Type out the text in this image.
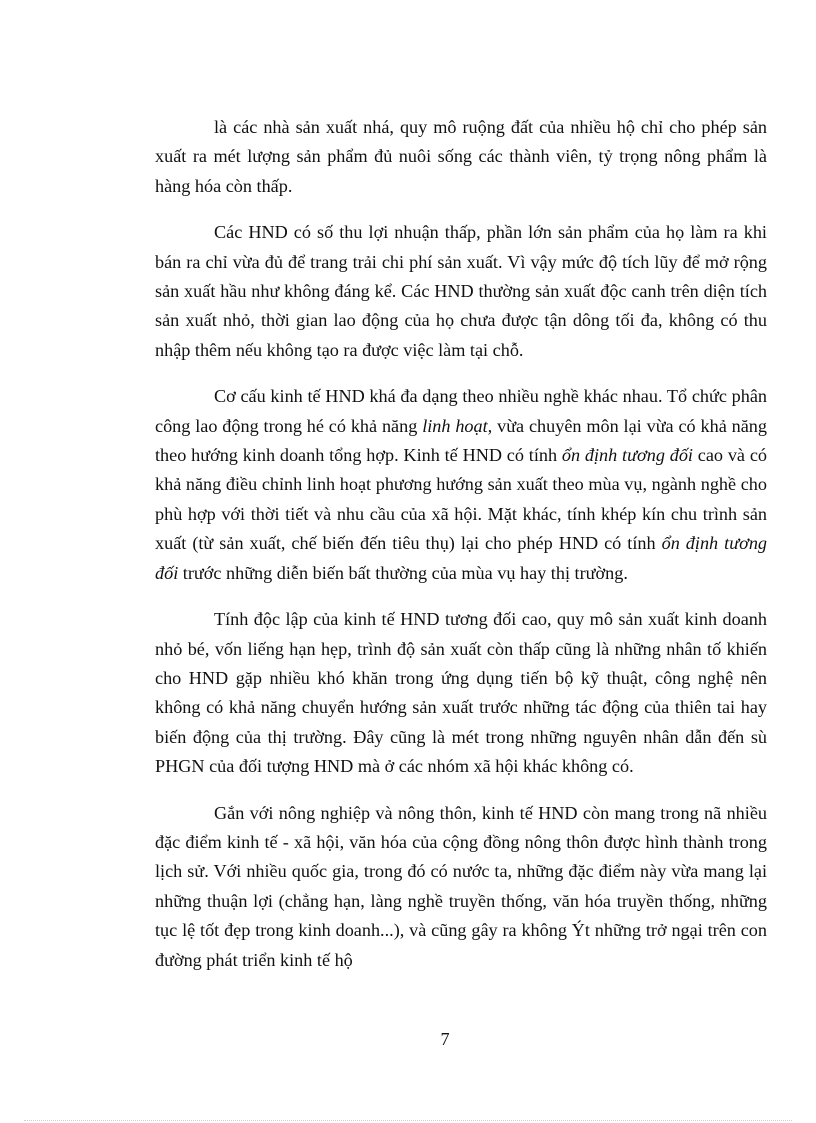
là các nhà sản xuất nhá, quy mô ruộng đất của nhiều hộ chỉ cho phép sản xuất ra mét lượng sản phẩm đủ nuôi sống các thành viên, tỷ trọng nông phẩm là hàng hóa còn thấp.

Các HND có số thu lợi nhuận thấp, phần lớn sản phẩm của họ làm ra khi bán ra chỉ vừa đủ để trang trải chi phí sản xuất. Vì vậy mức độ tích lũy để mở rộng sản xuất hầu như không đáng kể. Các HND thường sản xuất độc canh trên diện tích sản xuất nhỏ, thời gian lao động của họ chưa được tận dông tối đa, không có thu nhập thêm nếu không tạo ra được việc làm tại chỗ.

Cơ cấu kinh tế HND khá đa dạng theo nhiều nghề khác nhau. Tổ chức phân công lao động trong hé có khả năng linh hoạt, vừa chuyên môn lại vừa có khả năng theo hướng kinh doanh tổng hợp. Kinh tế HND có tính ổn định tương đối cao và có khả năng điều chỉnh linh hoạt phương hướng sản xuất theo mùa vụ, ngành nghề cho phù hợp với thời tiết và nhu cầu của xã hội. Mặt khác, tính khép kín chu trình sản xuất (từ sản xuất, chế biến đến tiêu thụ) lại cho phép HND có tính ổn định tương đối trước những diễn biến bất thường của mùa vụ hay thị trường.

Tính độc lập của kinh tế HND tương đối cao, quy mô sản xuất kinh doanh nhỏ bé, vốn liếng hạn hẹp, trình độ sản xuất còn thấp cũng là những nhân tố khiến cho HND gặp nhiều khó khăn trong ứng dụng tiến bộ kỹ thuật, công nghệ nên không có khả năng chuyển hướng sản xuất trước những tác động của thiên tai hay biến động của thị trường. Đây cũng là mét trong những nguyên nhân dẫn đến sù PHGN của đối tượng HND mà ở các nhóm xã hội khác không có.

Gắn với nông nghiệp và nông thôn, kinh tế HND còn mang trong nã nhiều đặc điểm kinh tế - xã hội, văn hóa của cộng đồng nông thôn được hình thành trong lịch sử. Với nhiều quốc gia, trong đó có nước ta, những đặc điểm này vừa mang lại những thuận lợi (chẳng hạn, làng nghề truyền thống, văn hóa truyền thống, những tục lệ tốt đẹp trong kinh doanh...), và cũng gây ra không Ýt những trở ngại trên con đường phát triển kinh tế hộ

7
